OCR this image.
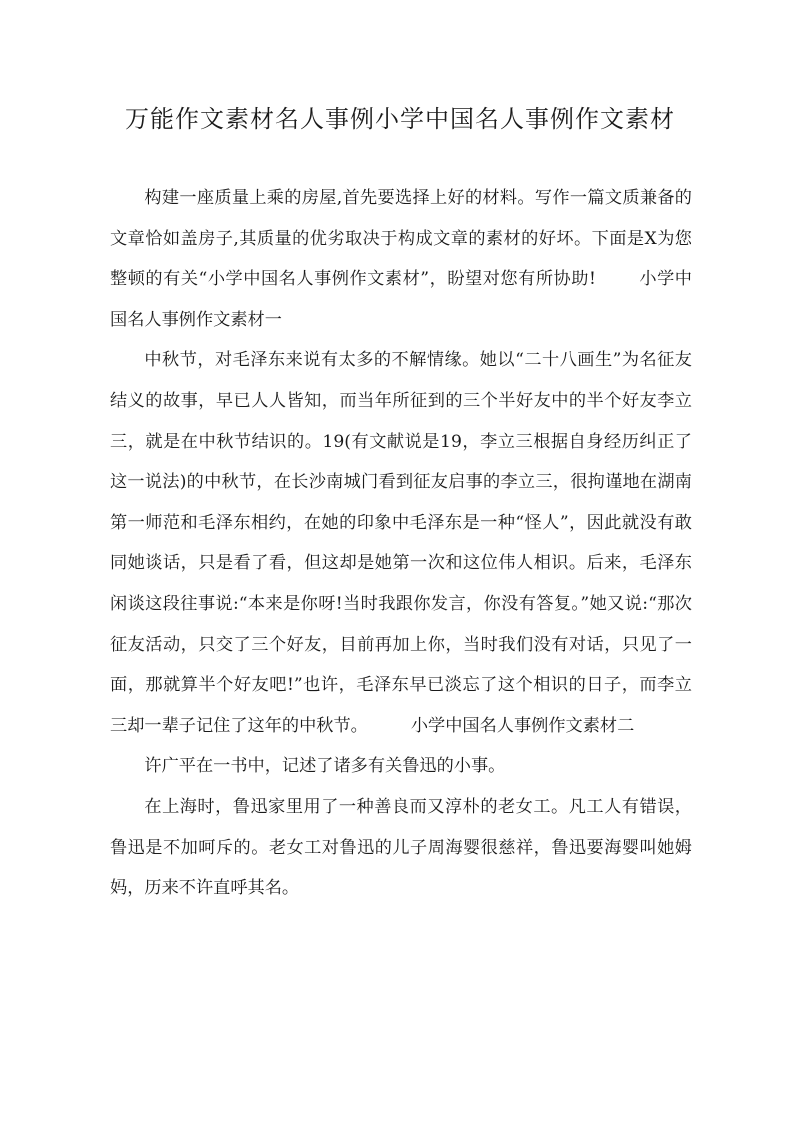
万能作文素材名人事例小学中国名人事例作文素材

构建一座质量上乘的房屋,首先要选择上好的材料。写作一篇文质兼备的文章恰如盖房子,其质量的优劣取决于构成文章的素材的好坏。下面是X为您整顿的有关“小学中国名人事例作文素材”，盼望对您有所协助!	小学中国名人事例作文素材一

中秋节，对毛泽东来说有太多的不解情缘。她以“二十八画生”为名征友结义的故事，早已人人皆知，而当年所征到的三个半好友中的半个好友李立三，就是在中秋节结识的。19(有文献说是19，李立三根据自身经历纠正了这一说法)的中秋节，在长沙南城门看到征友启事的李立三，很拘谨地在湖南第一师范和毛泽东相约，在她的印象中毛泽东是一种“怪人”，因此就没有敢同她谈话，只是看了看，但这却是她第一次和这位伟人相识。后来，毛泽东闲谈这段往事说:“本来是你呀!当时我跟你发言，你没有答复。”她又说:“那次征友活动，只交了三个好友，目前再加上你，当时我们没有对话，只见了一面，那就算半个好友吧!”也许，毛泽东早已淡忘了这个相识的日子，而李立三却一辈子记住了这年的中秋节。	小学中国名人事例作文素材二

许广平在一书中，记述了诸多有关鲁迅的小事。

在上海时，鲁迅家里用了一种善良而又淳朴的老女工。凡工人有错误，鲁迅是不加呵斥的。老女工对鲁迅的儿子周海婴很慈祥，鲁迅要海婴叫她姆妈，历来不许直呼其名。
